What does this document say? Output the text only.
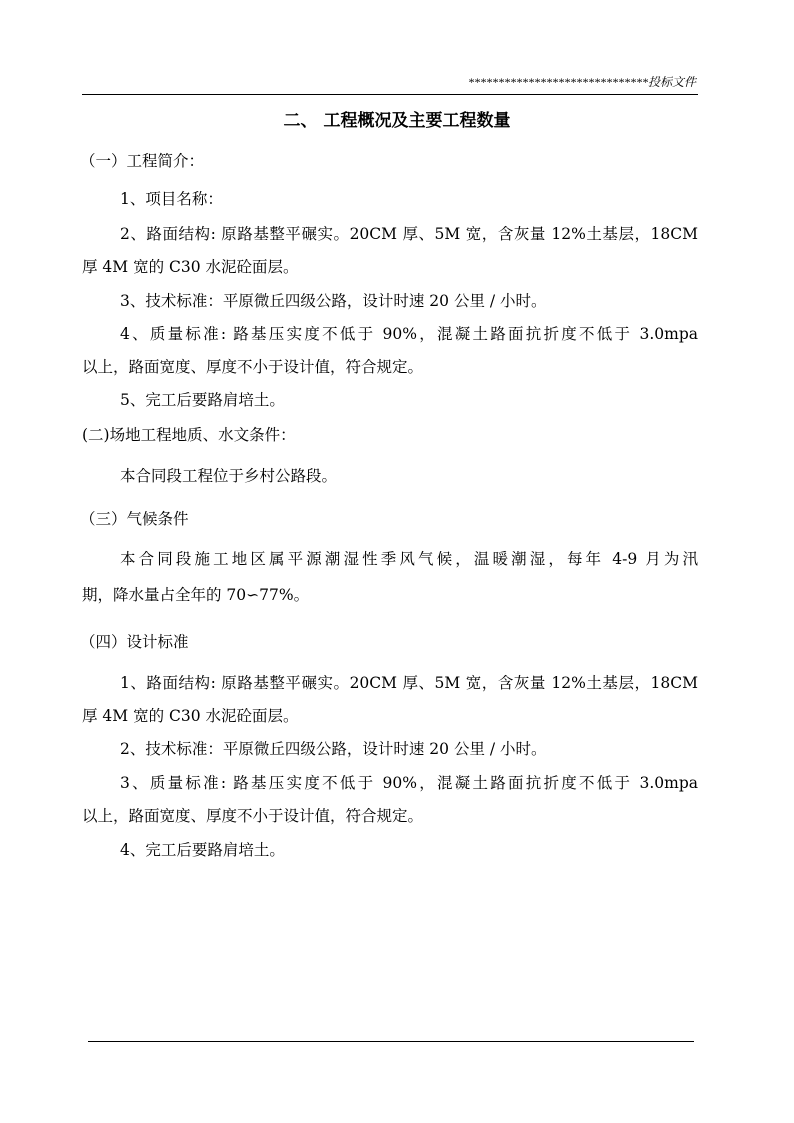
******************************投标文件
二、 工程概况及主要工程数量
（一）工程简介：
1、项目名称：
2、路面结构: 原路基整平碾实。20CM 厚、5M 宽，含灰量 12%土基层，18CM
厚 4M 宽的 C30 水泥砼面层。
3、技术标准：平原微丘四级公路，设计时速 20 公里 / 小时。
4、质量标准: 路基压实度不低于 90%，混凝土路面抗折度不低于 3.0mpa
以上，路面宽度、厚度不小于设计值，符合规定。
5、完工后要路肩培土。
(二)场地工程地质、水文条件：
本合同段工程位于乡村公路段。
（三）气候条件
本合同段施工地区属平源潮湿性季风气候，温暖潮湿，每年 4-9 月为汛
期，降水量占全年的 70∽77%。
（四）设计标准
1、路面结构: 原路基整平碾实。20CM 厚、5M 宽，含灰量 12%土基层，18CM
厚 4M 宽的 C30 水泥砼面层。
2、技术标准：平原微丘四级公路，设计时速 20 公里 / 小时。
3、质量标准: 路基压实度不低于 90%，混凝土路面抗折度不低于 3.0mpa
以上，路面宽度、厚度不小于设计值，符合规定。
4、完工后要路肩培土。
